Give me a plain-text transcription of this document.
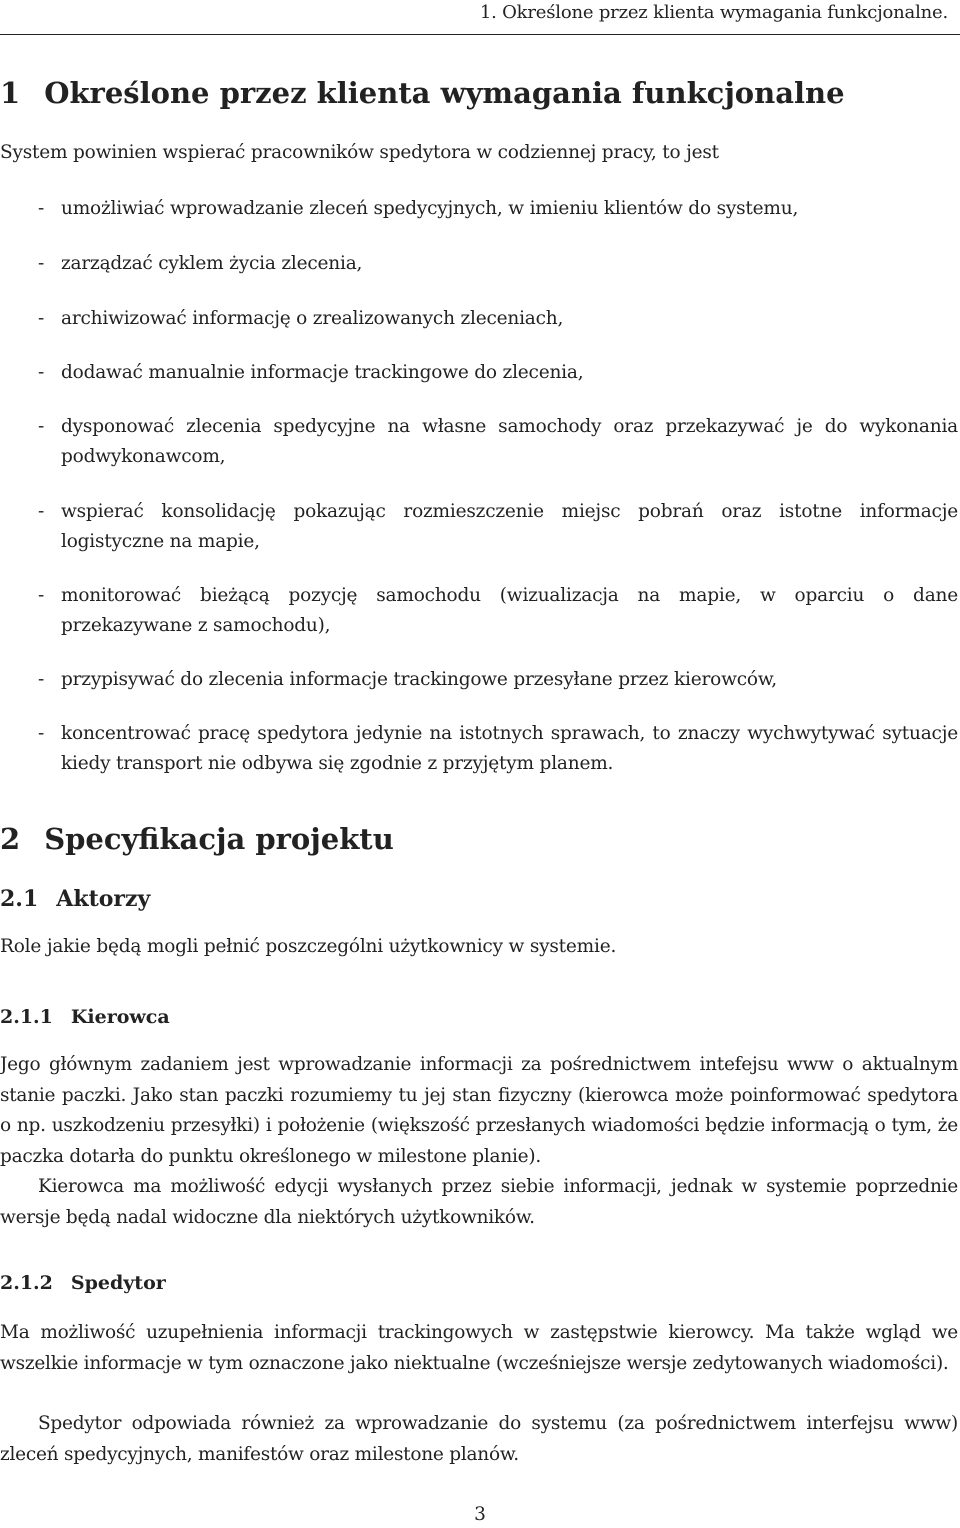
1. Określone przez klienta wymagania funkcjonalne.
1 Określone przez klienta wymagania funkcjonalne
System powinien wspierać pracowników spedytora w codziennej pracy, to jest
- umożliwiać wprowadzanie zleceń spedycyjnych, w imieniu klientów do systemu,
- zarządzać cyklem życia zlecenia,
- archiwizować informację o zrealizowanych zleceniach,
- dodawać manualnie informacje trackingowe do zlecenia,
- dysponować zlecenia spedycyjne na własne samochody oraz przekazywać je do wykonania podwykonawcom,
- wspierać konsolidację pokazując rozmieszczenie miejsc pobrań oraz istotne informacje logistyczne na mapie,
- monitorować bieżącą pozycję samochodu (wizualizacja na mapie, w oparciu o dane przekazywane z samochodu),
- przypisywać do zlecenia informacje trackingowe przesyłane przez kierowców,
- koncentrować pracę spedytora jedynie na istotnych sprawach, to znaczy wychwytywać sytuacje kiedy transport nie odbywa się zgodnie z przyjętym planem.
2 Specyfikacja projektu
2.1 Aktorzy
Role jakie będą mogli pełnić poszczególni użytkownicy w systemie.
2.1.1 Kierowca
Jego głównym zadaniem jest wprowadzanie informacji za pośrednictwem intefejsu www o aktualnym stanie paczki. Jako stan paczki rozumiemy tu jej stan fizyczny (kierowca może poinformować spedytora o np. uszkodzeniu przesyłki) i położenie (większość przesłanych wiadomości będzie informacją o tym, że paczka dotarła do punktu określonego w milestone planie).
Kierowca ma możliwość edycji wysłanych przez siebie informacji, jednak w systemie poprzednie wersje będą nadal widoczne dla niektórych użytkowników.
2.1.2 Spedytor
Ma możliwość uzupełnienia informacji trackingowych w zastępstwie kierowcy. Ma także wgląd we wszelkie informacje w tym oznaczone jako niektualne (wcześniejsze wersje zedytowanych wiadomości).
Spedytor odpowiada również za wprowadzanie do systemu (za pośrednictwem interfejsu www) zleceń spedycyjnych, manifestów oraz milestone planów.
3
